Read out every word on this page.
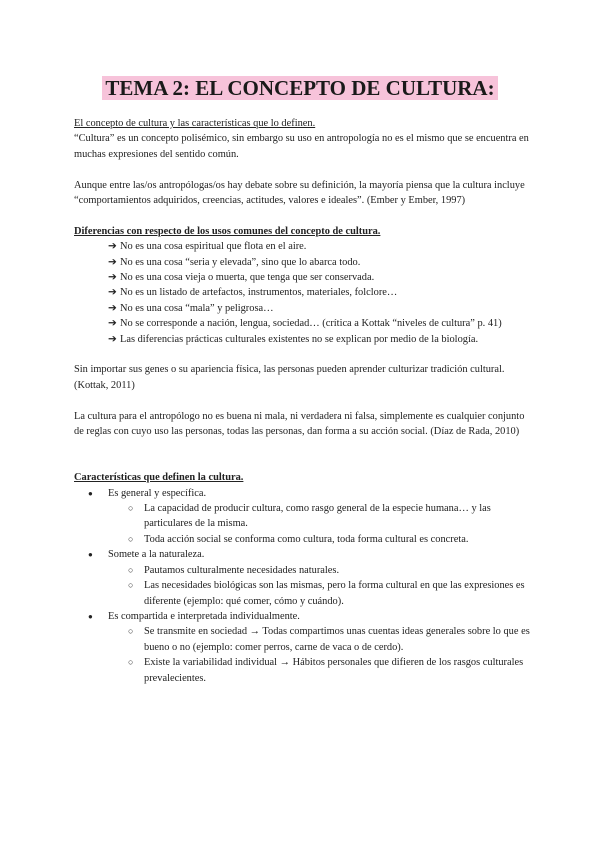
TEMA 2: EL CONCEPTO DE CULTURA:

El concepto de cultura y las características que lo definen.

“Cultura” es un concepto polisémico, sin embargo su uso en antropología no es el mismo que se encuentra en muchas expresiones del sentido común.

Aunque entre las/os antropólogas/os hay debate sobre su definición, la mayoría piensa que la cultura incluye “comportamientos adquiridos, creencias, actitudes, valores e ideales”. (Ember y Ember, 1997)

Diferencias con respecto de los usos comunes del concepto de cultura.

➔ No es una cosa espiritual que flota en el aire.
➔ No es una cosa “seria y elevada”, sino que lo abarca todo.
➔ No es una cosa vieja o muerta, que tenga que ser conservada.
➔ No es un listado de artefactos, instrumentos, materiales, folclore…
➔ No es una cosa “mala” y peligrosa…
➔ No se corresponde a nación, lengua, sociedad… (crítica a Kottak “niveles de cultura” p. 41)
➔ Las diferencias prácticas culturales existentes no se explican por medio de la biología.

Sin importar sus genes o su apariencia física, las personas pueden aprender culturizar tradición cultural. (Kottak, 2011)

La cultura para el antropólogo no es buena ni mala, ni verdadera ni falsa, simplemente es cualquier conjunto de reglas con cuyo uso las personas, todas las personas, dan forma a su acción social. (Díaz de Rada, 2010)

Características que definen la cultura.

● Es general y específica.
○ La capacidad de producir cultura, como rasgo general de la especie humana… y las particulares de la misma.
○ Toda acción social se conforma como cultura, toda forma cultural es concreta.
● Somete a la naturaleza.
○ Pautamos culturalmente necesidades naturales.
○ Las necesidades biológicas son las mismas, pero la forma cultural en que las expresiones es diferente (ejemplo: qué comer, cómo y cuándo).
● Es compartida e interpretada individualmente.
○ Se transmite en sociedad → Todas compartimos unas cuentas ideas generales sobre lo que es bueno o no (ejemplo: comer perros, carne de vaca o de cerdo).
○ Existe la variabilidad individual → Hábitos personales que difieren de los rasgos culturales prevalecientes.
